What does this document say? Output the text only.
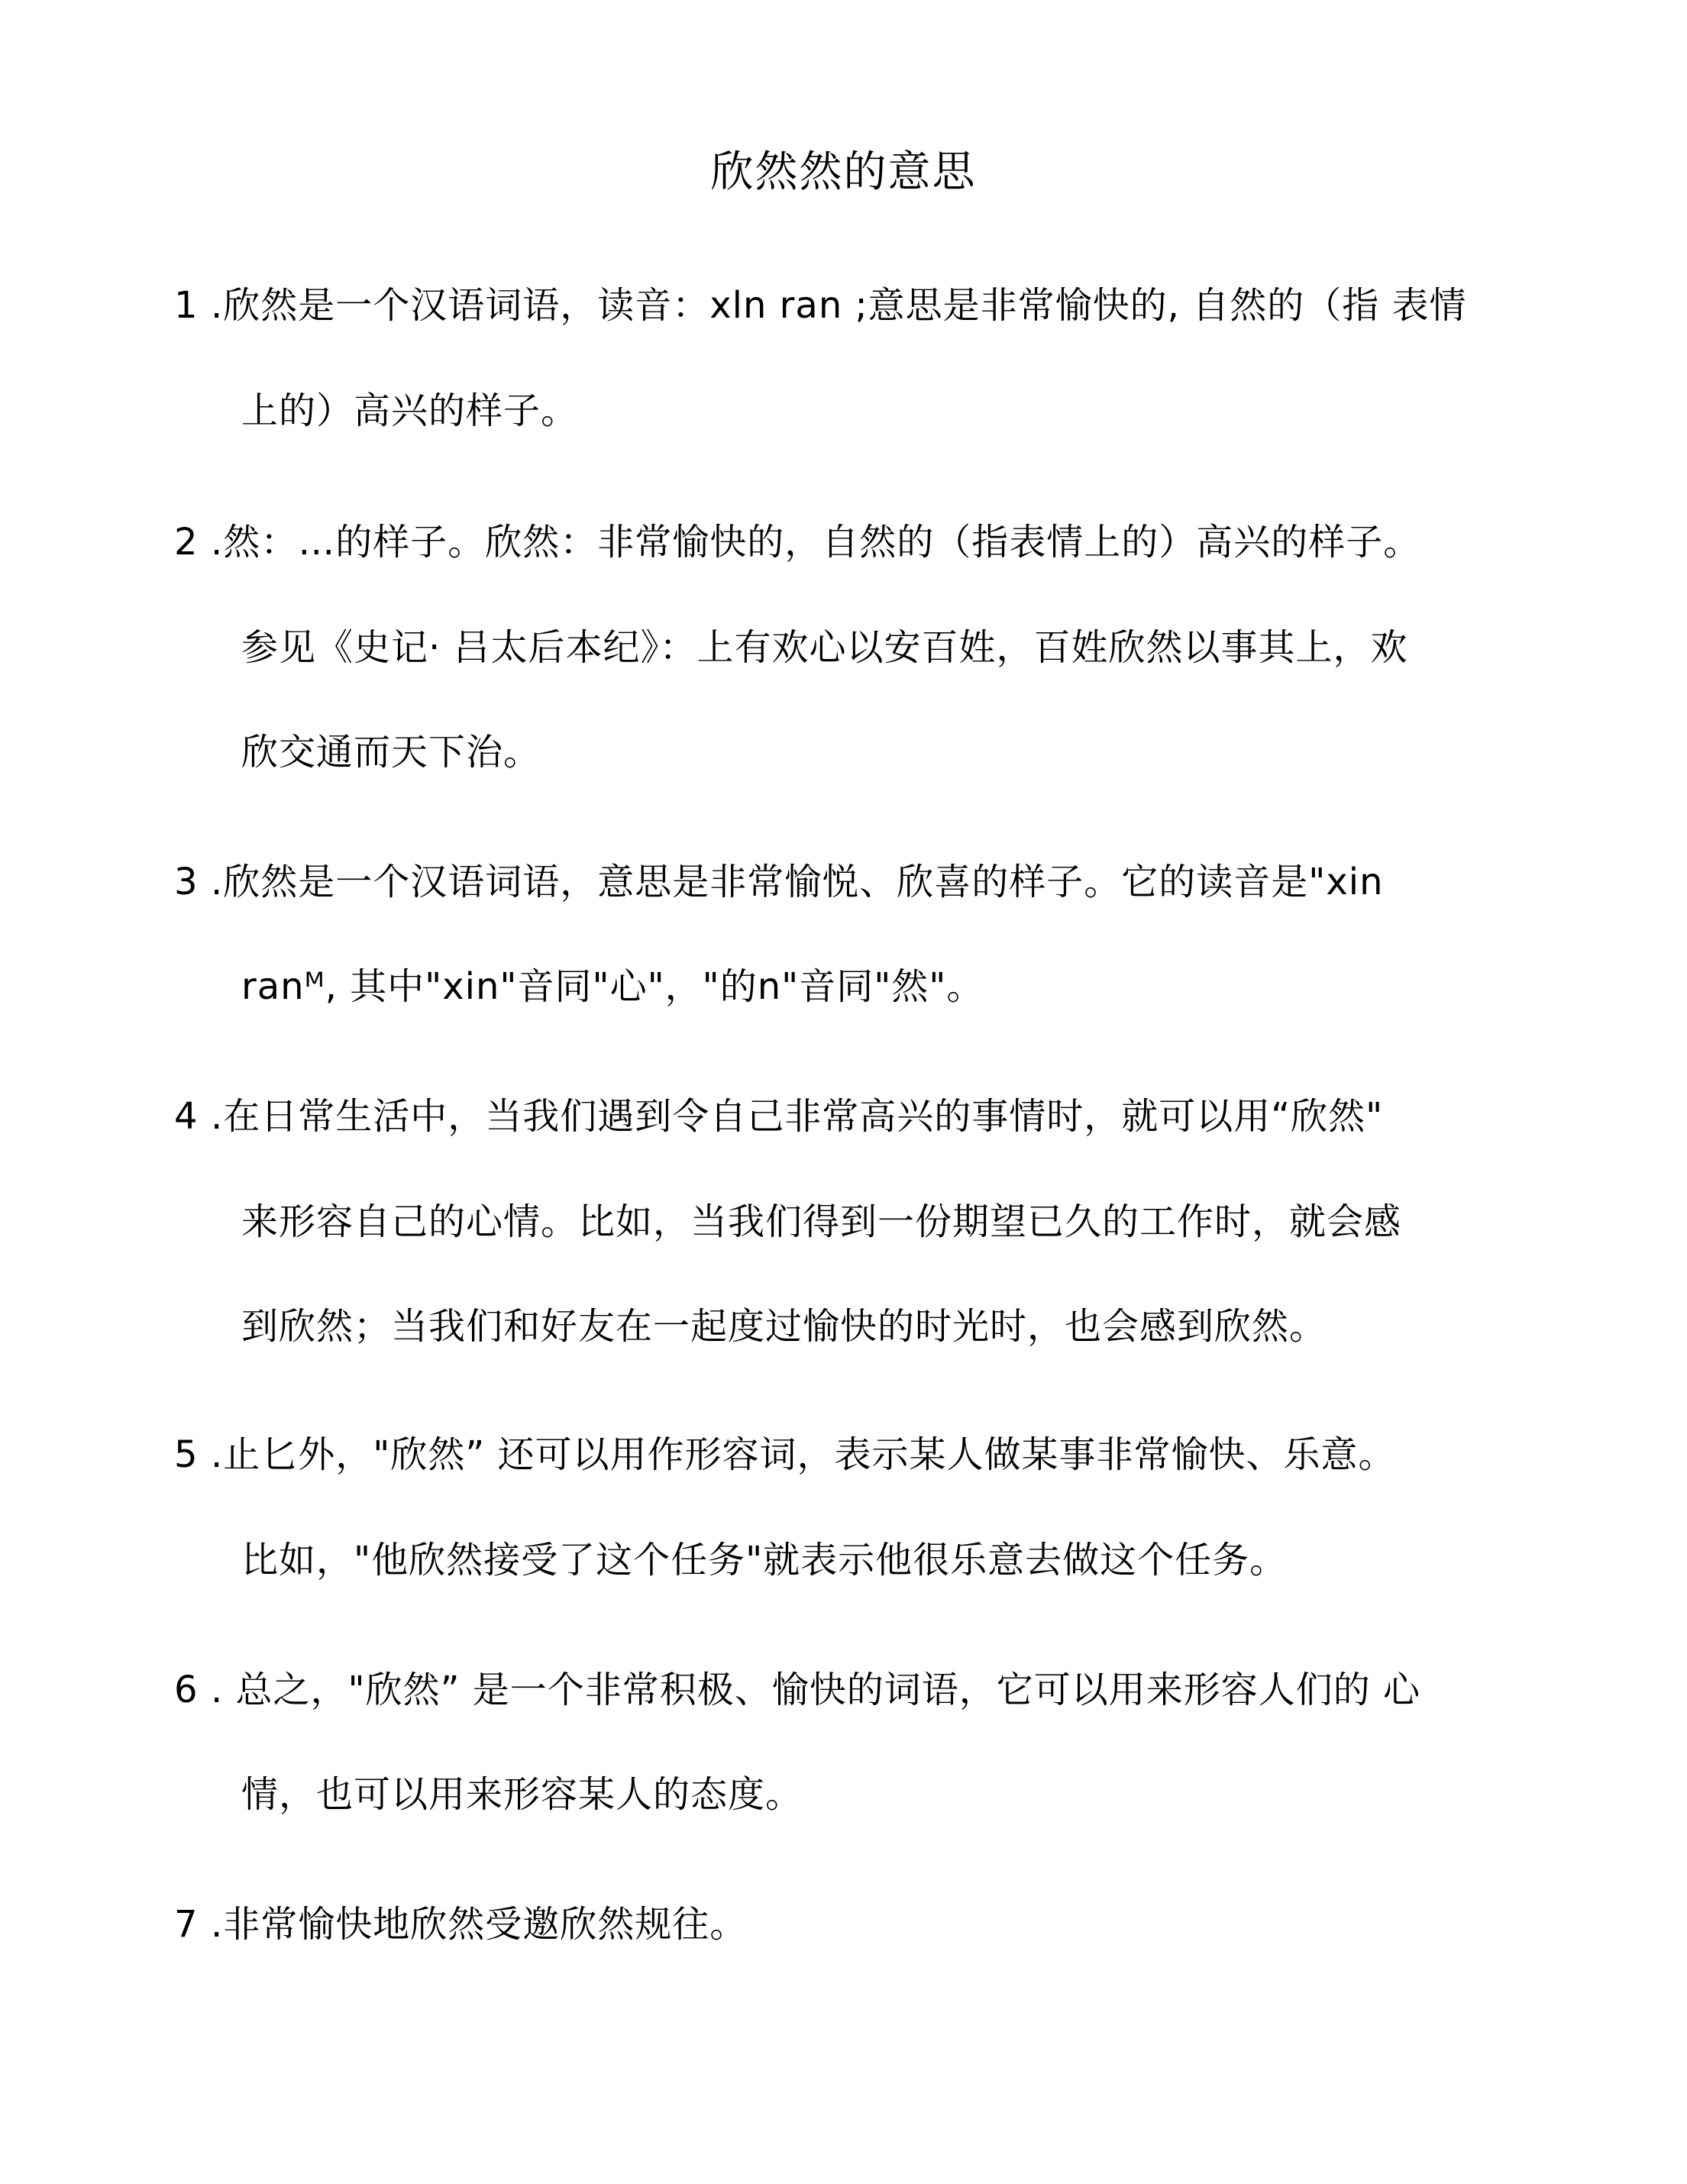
欣然然的意思
1 .欣然是一个汉语词语，读音：xln ran ;意思是非常愉快的, 自然的（指 表情
上的）高兴的样子。
2 .然：…的样子。欣然：非常愉快的，自然的（指表情上的）高兴的样子。
参见《史记· 吕太后本纪》：上有欢心以安百姓，百姓欣然以事其上，欢
欣交通而天下治。
3 .欣然是一个汉语词语，意思是非常愉悦、欣喜的样子。它的读音是"xin
ranᴹ, 其中"xin"音同"心"，"的n"音同"然"。
4 .在日常生活中，当我们遇到令自己非常高兴的事情时，就可以用“欣然"
来形容自己的心情。比如，当我们得到一份期望已久的工作时，就会感
到欣然；当我们和好友在一起度过愉快的时光时，也会感到欣然。
5 .止匕外，"欣然” 还可以用作形容词，表示某人做某事非常愉快、乐意。
比如，"他欣然接受了这个任务"就表示他很乐意去做这个任务。
6 . 总之，"欣然” 是一个非常积极、愉快的词语，它可以用来形容人们的 心
情，也可以用来形容某人的态度。
7 .非常愉快地欣然受邀欣然规往。
